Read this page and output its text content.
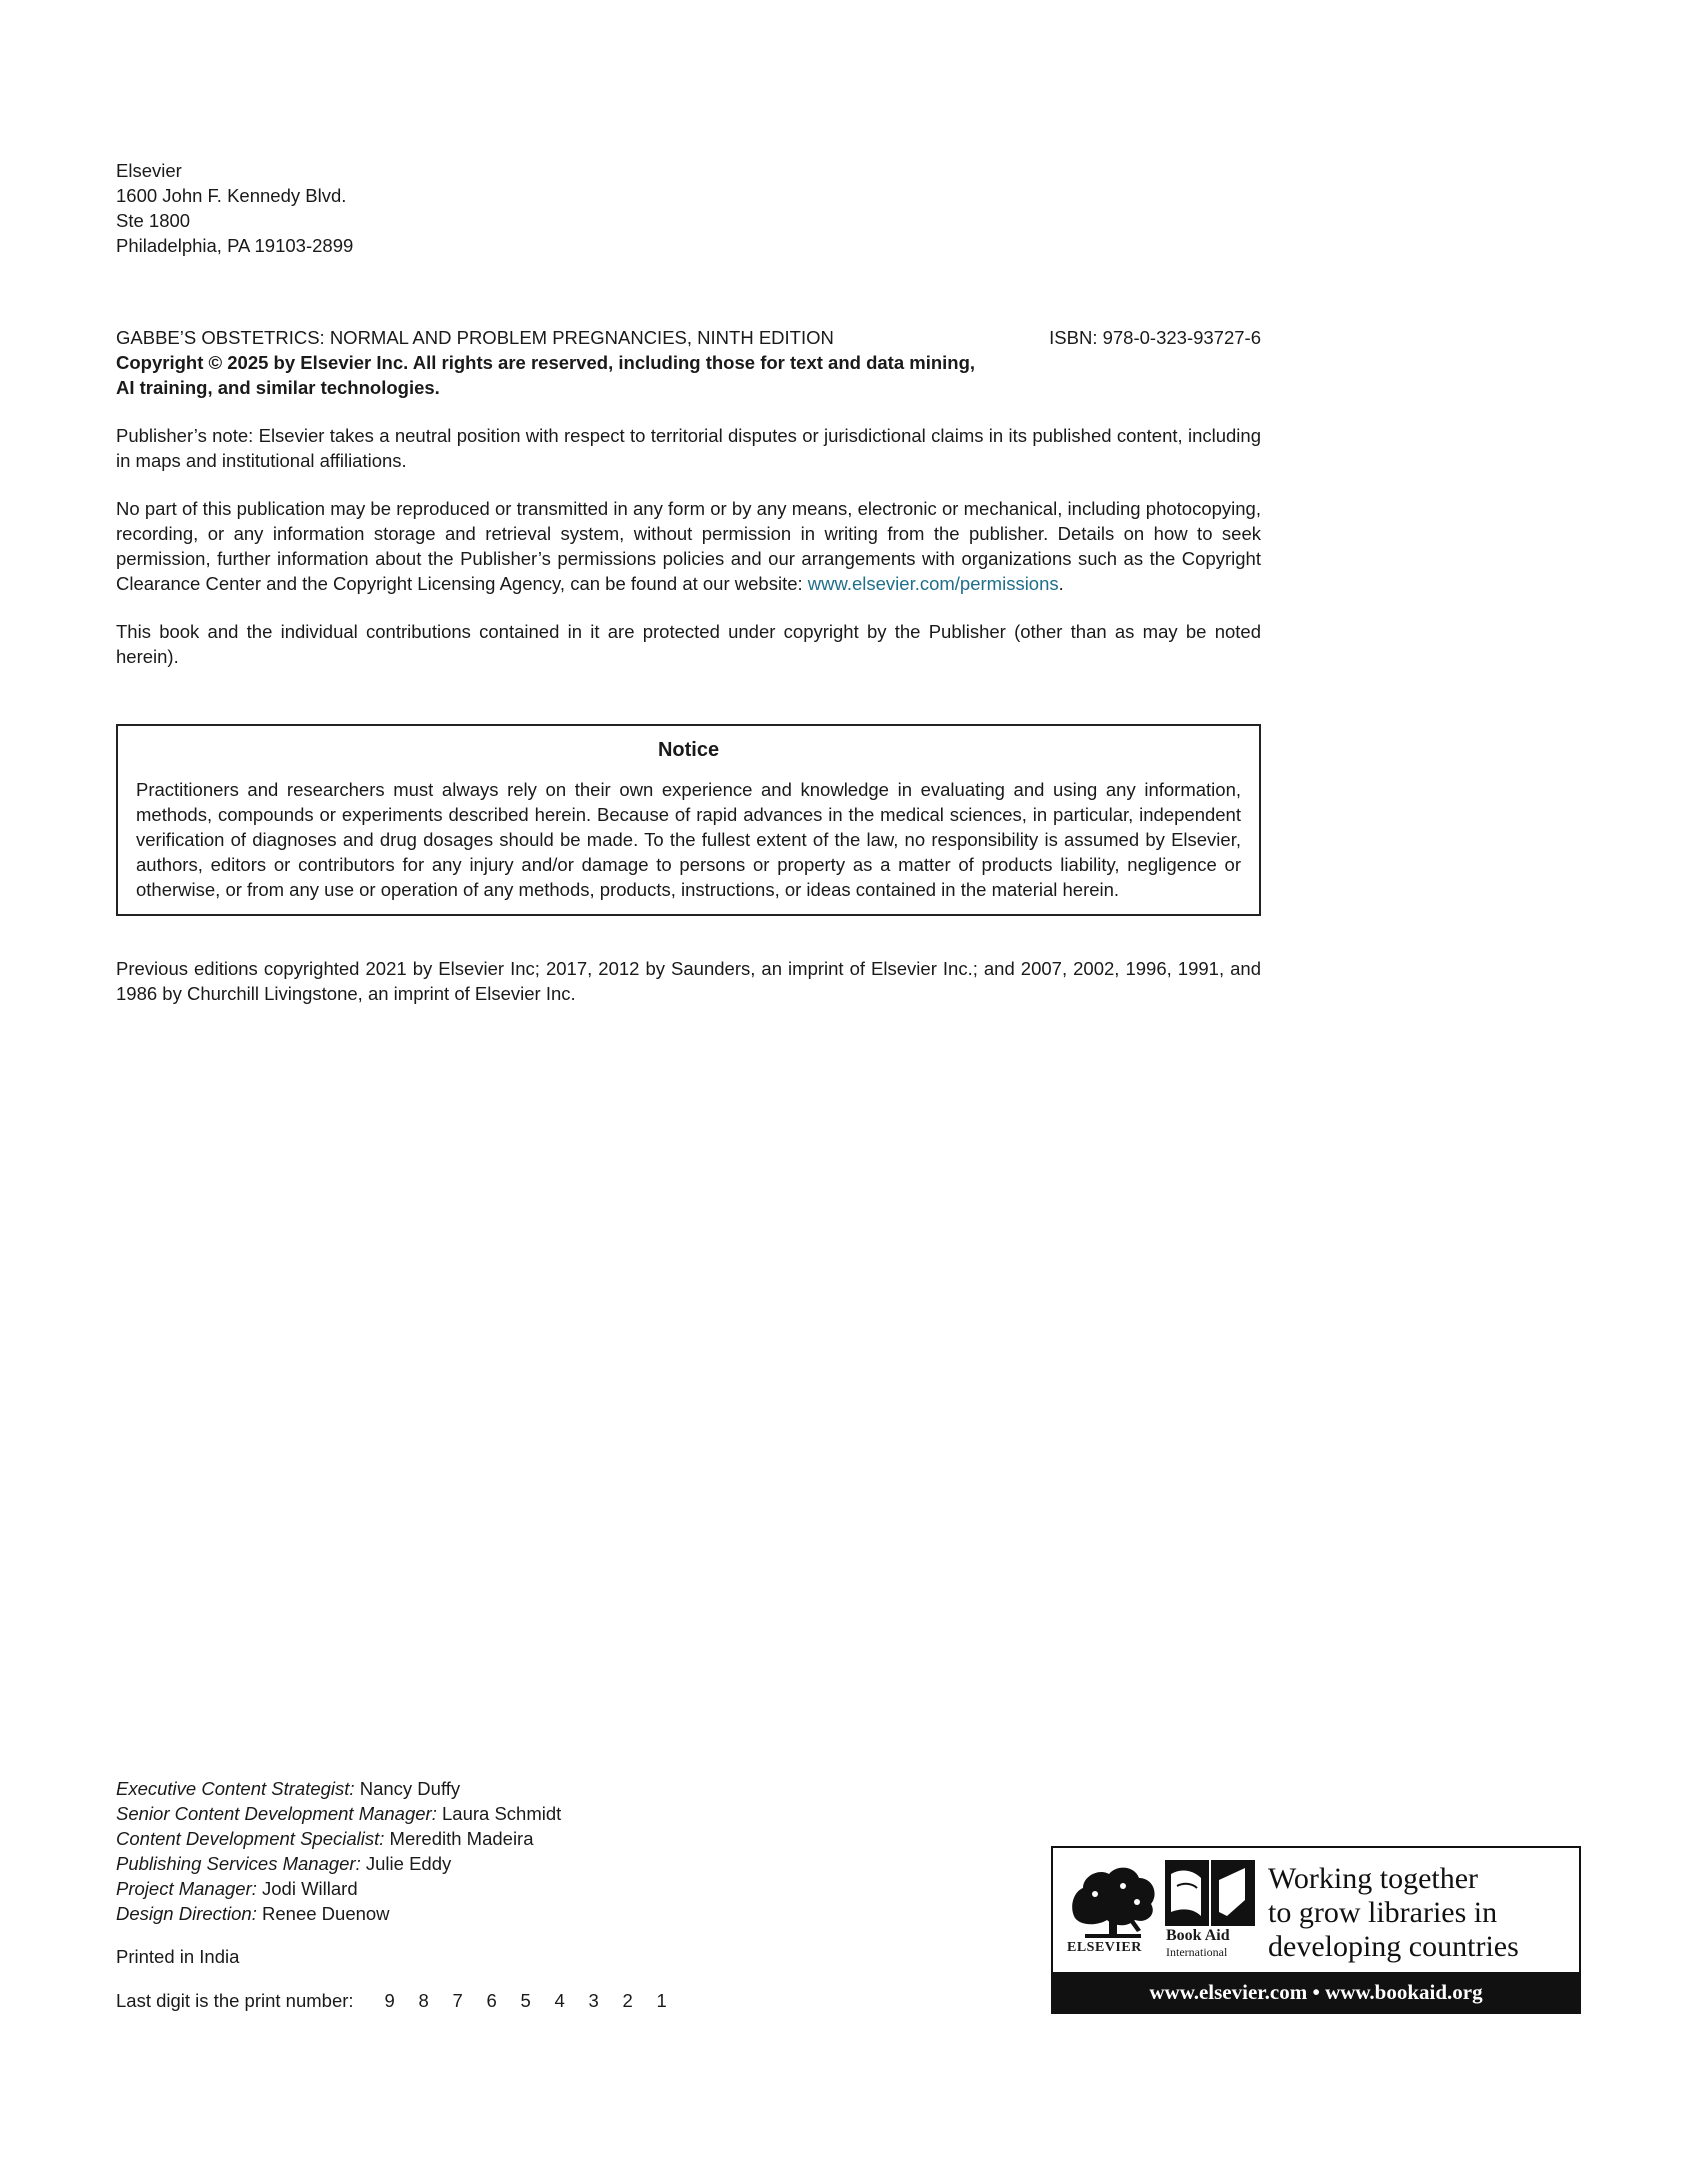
Elsevier
1600 John F. Kennedy Blvd.
Ste 1800
Philadelphia, PA 19103-2899
GABBE’S OBSTETRICS: NORMAL AND PROBLEM PREGNANCIES, NINTH EDITION	ISBN: 978-0-323-93727-6
Copyright © 2025 by Elsevier Inc. All rights are reserved, including those for text and data mining, AI training, and similar technologies.

Publisher’s note: Elsevier takes a neutral position with respect to territorial disputes or jurisdictional claims in its published content, including in maps and institutional affiliations.

No part of this publication may be reproduced or transmitted in any form or by any means, electronic or mechanical, including photocopying, recording, or any information storage and retrieval system, without permission in writing from the publisher. Details on how to seek permission, further information about the Publisher’s permissions policies and our arrangements with organizations such as the Copyright Clearance Center and the Copyright Licensing Agency, can be found at our website: www.elsevier.com/permissions.

This book and the individual contributions contained in it are protected under copyright by the Publisher (other than as may be noted herein).

Notice

Practitioners and researchers must always rely on their own experience and knowledge in evaluating and using any information, methods, compounds or experiments described herein. Because of rapid advances in the medical sciences, in particular, independent verification of diagnoses and drug dosages should be made. To the fullest extent of the law, no responsibility is assumed by Elsevier, authors, editors or contributors for any injury and/or damage to persons or property as a matter of products liability, negligence or otherwise, or from any use or operation of any methods, products, instructions, or ideas contained in the material herein.

Previous editions copyrighted 2021 by Elsevier Inc; 2017, 2012 by Saunders, an imprint of Elsevier Inc.; and 2007, 2002, 1996, 1991, and 1986 by Churchill Livingstone, an imprint of Elsevier Inc.

Executive Content Strategist: Nancy Duffy
Senior Content Development Manager: Laura Schmidt
Content Development Specialist: Meredith Madeira
Publishing Services Manager: Julie Eddy
Project Manager: Jodi Willard
Design Direction: Renee Duenow
Printed in India
Last digit is the print number: 9 8 7 6 5 4 3 2 1
ELSEVIER
Book Aid
International
Working together
to grow libraries in
developing countries
www.elsevier.com • www.bookaid.org
